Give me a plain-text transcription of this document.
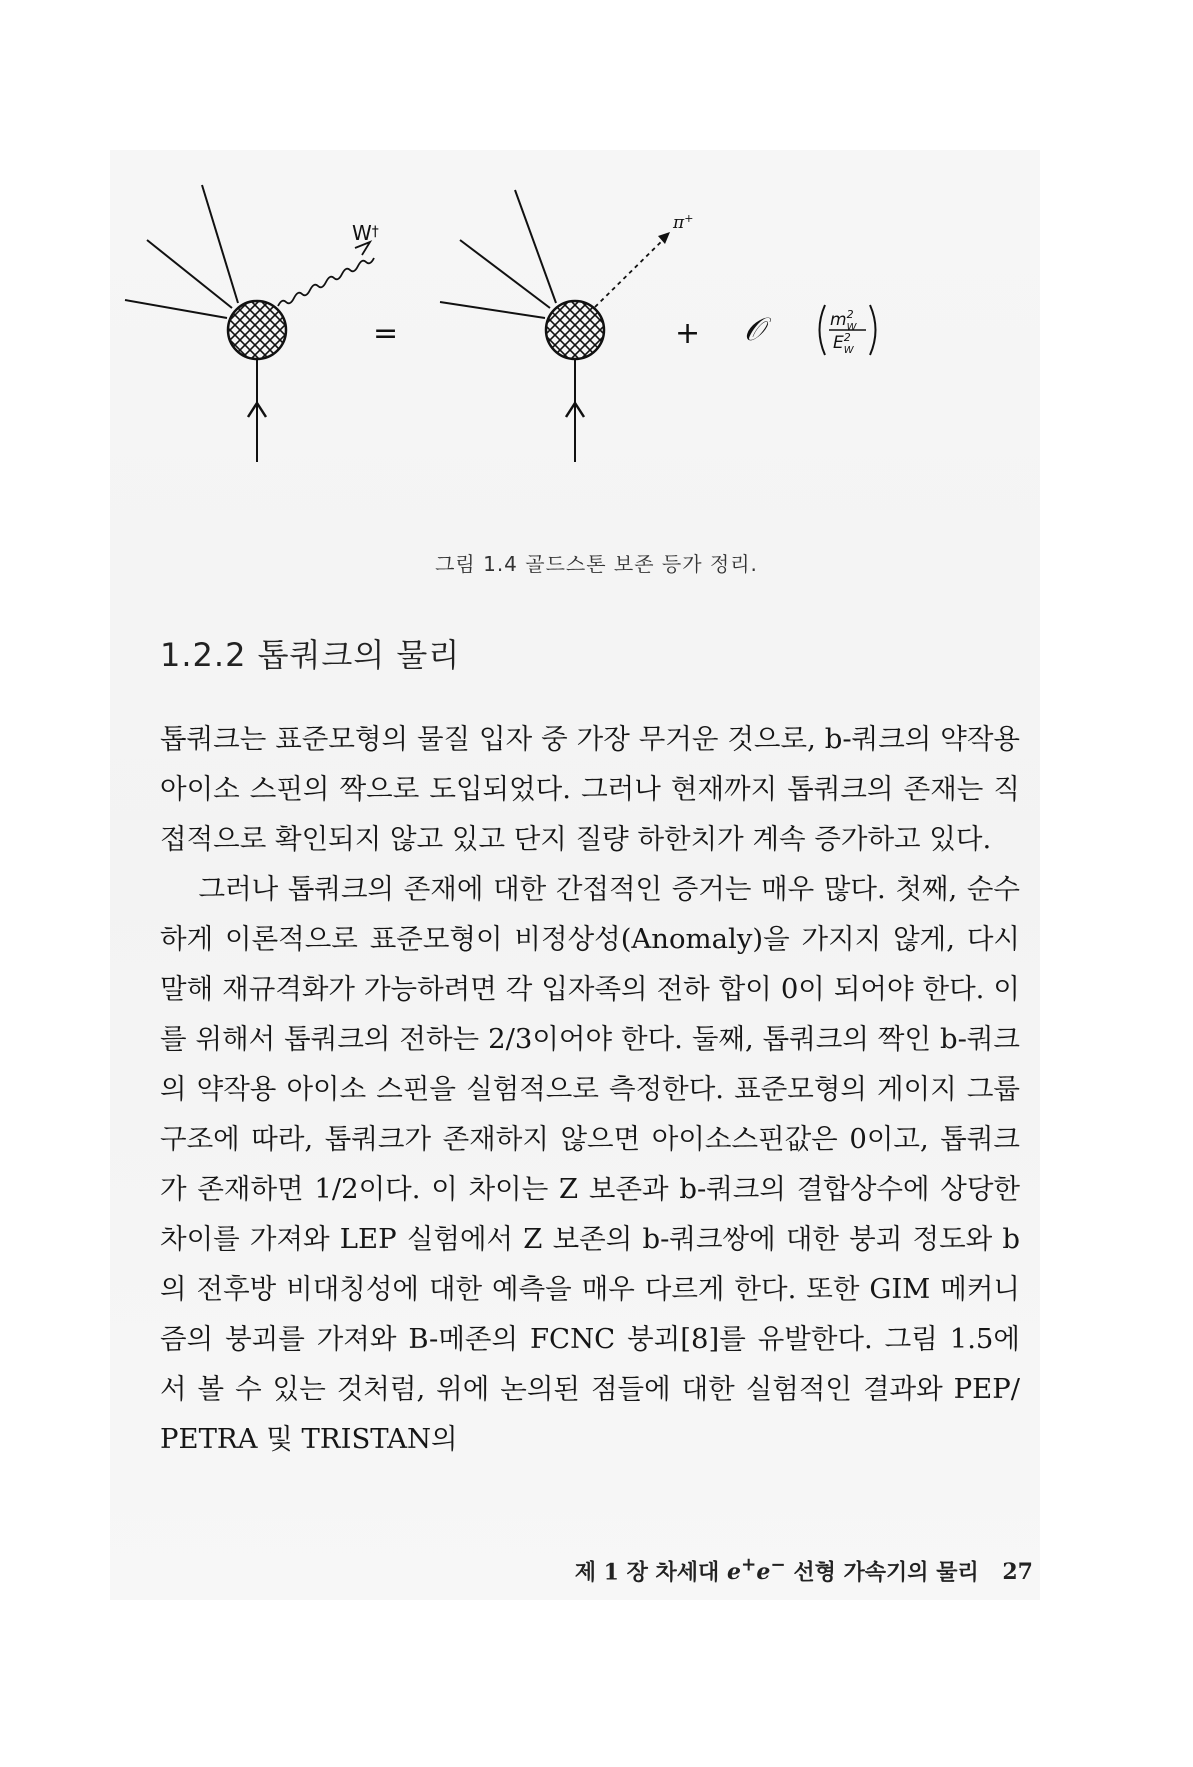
W†
=
π+
+ 𝒪	$m^2$ W
$E^2$ W
그림 1.4 골드스톤 보존 등가 정리.
1.2.2 톱쿼크의 물리

톱쿼크는 표준모형의 물질 입자 중 가장 무거운 것으로, b-쿼크의 약작용 아이소 스핀의 짝으로 도입되었다. 그러나 현재까지 톱쿼크의 존재는 직접적으로 확인되지 않고 있고 단지 질량 하한치가 계속 증가하고 있다.

그러나 톱쿼크의 존재에 대한 간접적인 증거는 매우 많다. 첫째, 순수하게 이론적으로 표준모형이 비정상성(Anomaly)을 가지지 않게, 다시 말해 재규격화가 가능하려면 각 입자족의 전하 합이 0이 되어야 한다. 이를 위해서 톱쿼크의 전하는 2/3이어야 한다. 둘째, 톱쿼크의 짝인 b-쿼크의 약작용 아이소 스핀을 실험적으로 측정한다. 표준모형의 게이지 그룹 구조에 따라, 톱쿼크가 존재하지 않으면 아이소스핀값은 0이고, 톱쿼크가 존재하면 1/2이다. 이 차이는 Z 보존과 b-쿼크의 결합상수에 상당한 차이를 가져와 LEP 실험에서 Z 보존의 b-쿼크쌍에 대한 붕괴 정도와 b의 전후방 비대칭성에 대한 예측을 매우 다르게 한다. 또한 GIM 메커니즘의 붕괴를 가져와 B-메존의 FCNC 붕괴[8]를 유발한다. 그림 1.5에서 볼 수 있는 것처럼, 위에 논의된 점들에 대한 실험적인 결과와 PEP/ PETRA 및 TRISTAN의

제 1 장 차세대 e+e− 선형 가속기의 물리 27
